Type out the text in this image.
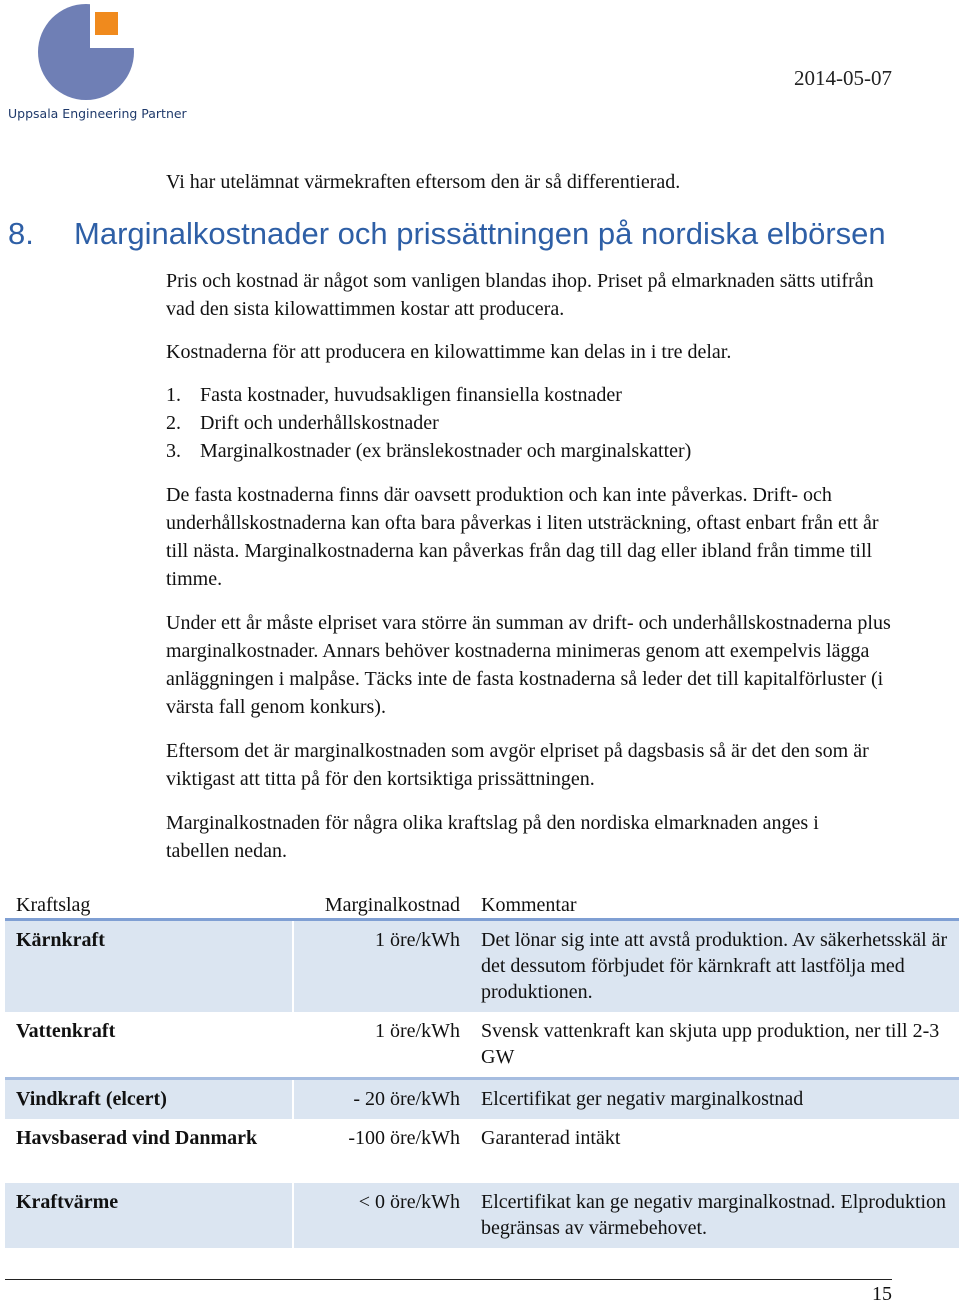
Uppsala Engineering Partner
2014-05-07

Vi har utelämnat värmekraften eftersom den är så differentierad.

8. Marginalkostnader och prissättningen på nordiska elbörsen

Pris och kostnad är något som vanligen blandas ihop. Priset på elmarknaden sätts utifrån vad den sista kilowattimmen kostar att producera.

Kostnaderna för att producera en kilowattimme kan delas in i tre delar.

1. Fasta kostnader, huvudsakligen finansiella kostnader
2. Drift och underhållskostnader
3. Marginalkostnader (ex bränslekostnader och marginalskatter)

De fasta kostnaderna finns där oavsett produktion och kan inte påverkas. Drift- och underhållskostnaderna kan ofta bara påverkas i liten utsträckning, oftast enbart från ett år till nästa. Marginalkostnaderna kan påverkas från dag till dag eller ibland från timme till timme.

Under ett år måste elpriset vara större än summan av drift- och underhållskostnaderna plus marginalkostnader. Annars behöver kostnaderna minimeras genom att exempelvis lägga anläggningen i malpåse. Täcks inte de fasta kostnaderna så leder det till kapitalförluster (i värsta fall genom konkurs).

Eftersom det är marginalkostnaden som avgör elpriset på dagsbasis så är det den som är viktigast att titta på för den kortsiktiga prissättningen.

Marginalkostnaden för några olika kraftslag på den nordiska elmarknaden anges i tabellen nedan.

Kraftslag	Marginalkostnad	Kommentar
Kärnkraft	1 öre/kWh	Det lönar sig inte att avstå produktion. Av säkerhetsskäl är det dessutom förbjudet för kärnkraft att lastfölja med produktionen.
Vattenkraft	1 öre/kWh	Svensk vattenkraft kan skjuta upp produktion, ner till 2-3 GW
Vindkraft (elcert)	- 20 öre/kWh	Elcertifikat ger negativ marginalkostnad
Havsbaserad vind Danmark	-100 öre/kWh	Garanterad intäkt
Kraftvärme	< 0 öre/kWh	Elcertifikat kan ge negativ marginalkostnad. Elproduktion begränsas av värmebehovet.
15
